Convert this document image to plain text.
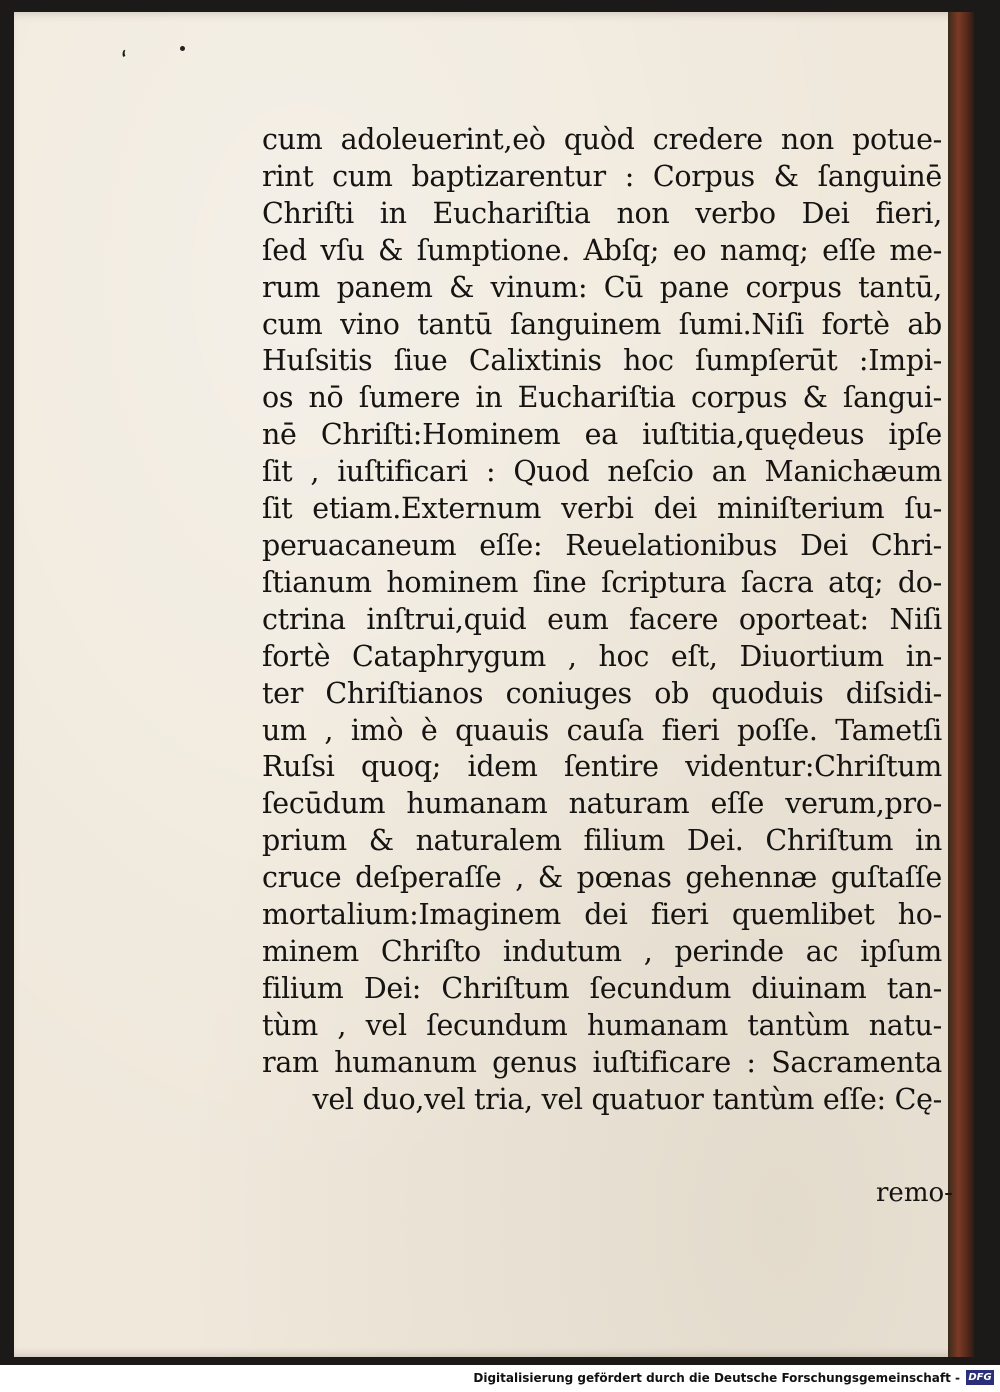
‘
cum adoleuerint,eò quòd credere non potue-
rint cum baptizarentur : Corpus & ſanguinē
Chriſti in Euchariſtia non verbo Dei fieri,
ſed vſu & ſumptione. Abſq; eo namq; eſſe me-
rum panem & vinum: Cū pane corpus tantū,
cum vino tantū ſanguinem ſumi.Niſi fortè ab
Huſsitis ſiue Calixtinis hoc ſumpſerūt :Impi-
os nō ſumere in Euchariſtia corpus & ſangui-
nē Chriſti:Hominem ea iuſtitia,quędeus ipſe
ſit , iuſtificari : Quod neſcio an Manichæum
ſit etiam.Externum verbi dei miniſterium ſu-
peruacaneum eſſe: Reuelationibus Dei Chri-
ſtianum hominem ſine ſcriptura ſacra atq; do-
ctrina inſtrui,quid eum facere oporteat: Niſi
fortè Cataphrygum , hoc eſt, Diuortium in-
ter Chriſtianos coniuges ob quoduis diſsidi-
um , imò è quauis cauſa fieri poſſe. Tametſi
Ruſsi quoq; idem ſentire videntur:Chriſtum
ſecūdum humanam naturam eſſe verum,pro-
prium & naturalem filium Dei. Chriſtum in
cruce deſperaſſe , & pœnas gehennæ guſtaſſe
mortalium:Imaginem dei fieri quemlibet ho-
minem Chriſto indutum , perinde ac ipſum
filium Dei: Chriſtum ſecundum diuinam tan-
tùm , vel ſecundum humanam tantùm natu-
ram humanum genus iuſtificare : Sacramenta
vel duo,vel tria, vel quatuor tantùm eſſe: Cę-
remo-
Digitalisierung gefördert durch die Deutsche Forschungsgemeinschaft - DFG
